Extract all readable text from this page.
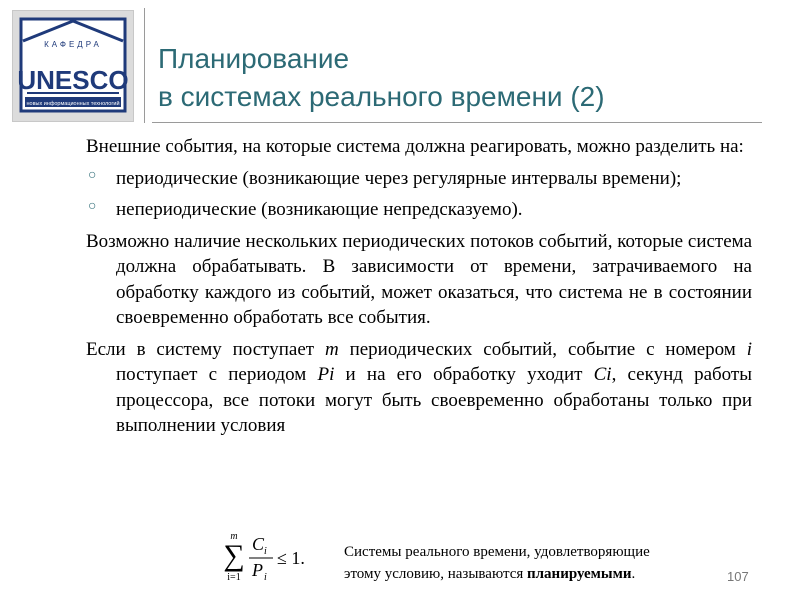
КАФЕДРА
UNESCO
новых информационных технологий
Планирование
в системах реального времени (2)

Внешние события, на которые система должна реагировать, можно разделить на:

○ периодические (возникающие через регулярные интервалы времени);
○ непериодические (возникающие непредсказуемо).

Возможно наличие нескольких периодических потоков событий, которые система должна обрабатывать. В зависимости от времени, затрачиваемого на обработку каждого из событий, может оказаться, что система не в состоянии своевременно обработать все события.

Если в систему поступает m периодических событий, событие с номером i поступает с периодом Pi и на его обработку уходит Ci, секунд работы процессора, все потоки могут быть своевременно обработаны только при выполнении условия

m
∑
i=1
C i
P i
≤ 1.	Системы реального времени, удовлетворяющие
этому условию, называются планируемыми.	107
